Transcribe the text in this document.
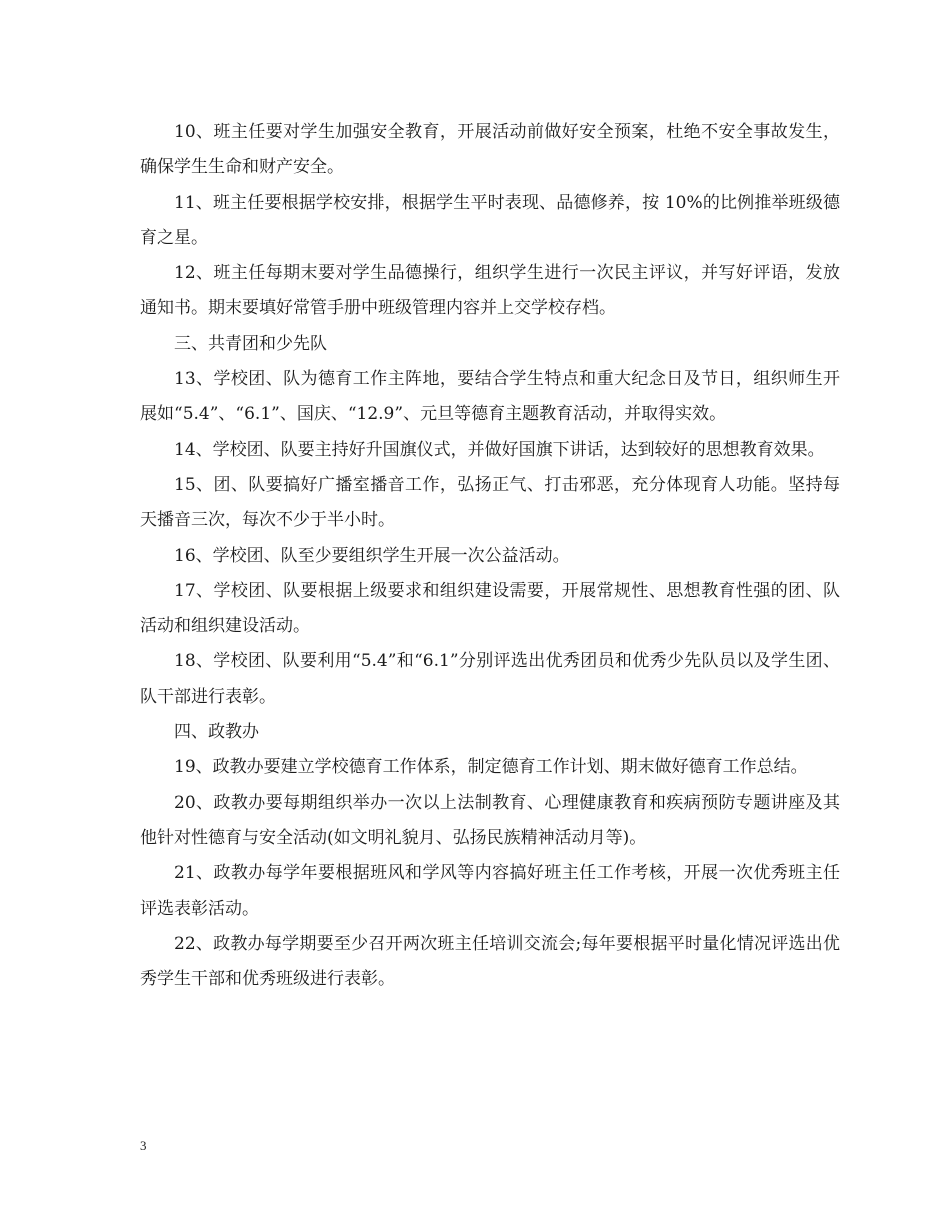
10、班主任要对学生加强安全教育，开展活动前做好安全预案，杜绝不安全事故发生，确保学生生命和财产安全。

11、班主任要根据学校安排，根据学生平时表现、品德修养，按 10%的比例推举班级德育之星。

12、班主任每期末要对学生品德操行，组织学生进行一次民主评议，并写好评语，发放通知书。期末要填好常管手册中班级管理内容并上交学校存档。

三、共青团和少先队

13、学校团、队为德育工作主阵地，要结合学生特点和重大纪念日及节日，组织师生开展如“5.4”、“6.1”、国庆、“12.9”、元旦等德育主题教育活动，并取得实效。

14、学校团、队要主持好升国旗仪式，并做好国旗下讲话，达到较好的思想教育效果。

15、团、队要搞好广播室播音工作，弘扬正气、打击邪恶，充分体现育人功能。坚持每天播音三次，每次不少于半小时。

16、学校团、队至少要组织学生开展一次公益活动。

17、学校团、队要根据上级要求和组织建设需要，开展常规性、思想教育性强的团、队活动和组织建设活动。

18、学校团、队要利用“5.4”和“6.1”分别评选出优秀团员和优秀少先队员以及学生团、队干部进行表彰。

四、政教办

19、政教办要建立学校德育工作体系，制定德育工作计划、期末做好德育工作总结。

20、政教办要每期组织举办一次以上法制教育、心理健康教育和疾病预防专题讲座及其他针对性德育与安全活动(如文明礼貌月、弘扬民族精神活动月等)。

21、政教办每学年要根据班风和学风等内容搞好班主任工作考核，开展一次优秀班主任评选表彰活动。

22、政教办每学期要至少召开两次班主任培训交流会;每年要根据平时量化情况评选出优秀学生干部和优秀班级进行表彰。

3
